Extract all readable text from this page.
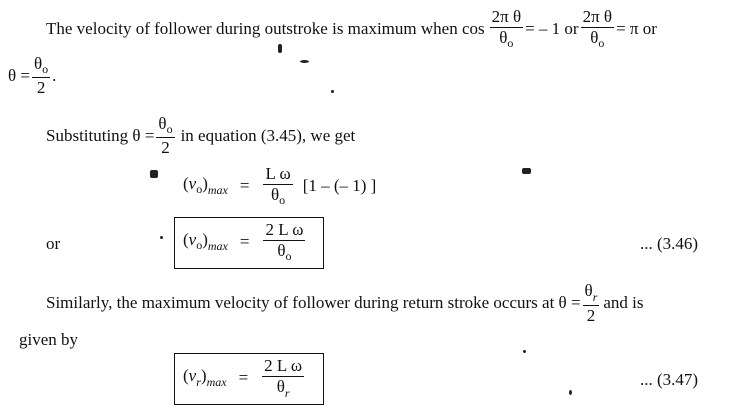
The velocity of follower during outstroke is maximum when $\cos \frac{\text{2π θ}}{\theta_o}$ = – 1 or $\frac{\text{2π θ}}{\theta_o} = \pi$ or
$\theta = \frac{\theta_o}{2}$ .
Substituting $\theta = \frac{\theta_o}{2}$ in equation (3.45), we get
$(v_o)_{max} = \frac{\text{L ω}}{\theta_o} [1$ – (– 1) ]
or	$(v_o)_{max} = \frac{\text{2 L ω}}{\theta_o}$	... (3.46)
Similarly, the maximum velocity of follower during return stroke occurs at $\theta = \frac{\theta_r}{2}$ and is
given by
$(v_r)_{max} = \frac{\text{2 L ω}}{\theta_r}$	... (3.47)
